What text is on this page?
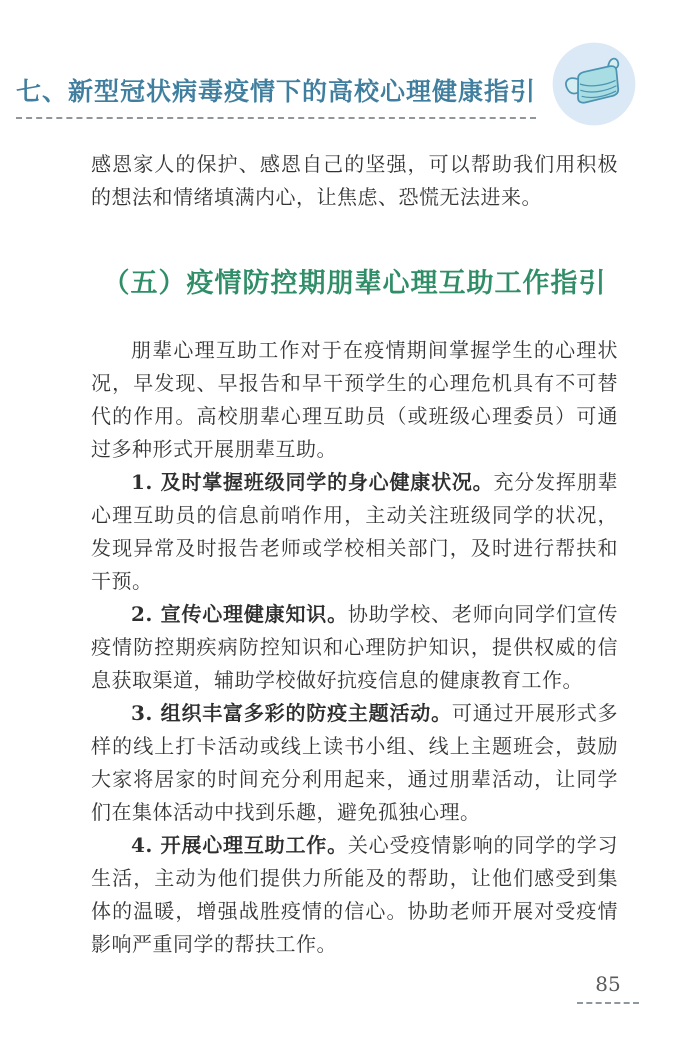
七、新型冠状病毒疫情下的高校心理健康指引

感恩家人的保护、感恩自己的坚强，可以帮助我们用积极的想法和情绪填满内心，让焦虑、恐慌无法进来。

（五）疫情防控期朋辈心理互助工作指引

朋辈心理互助工作对于在疫情期间掌握学生的心理状况，早发现、早报告和早干预学生的心理危机具有不可替代的作用。高校朋辈心理互助员（或班级心理委员）可通过多种形式开展朋辈互助。

1. 及时掌握班级同学的身心健康状况。充分发挥朋辈心理互助员的信息前哨作用，主动关注班级同学的状况，发现异常及时报告老师或学校相关部门，及时进行帮扶和干预。

2. 宣传心理健康知识。协助学校、老师向同学们宣传疫情防控期疾病防控知识和心理防护知识，提供权威的信息获取渠道，辅助学校做好抗疫信息的健康教育工作。

3. 组织丰富多彩的防疫主题活动。可通过开展形式多样的线上打卡活动或线上读书小组、线上主题班会，鼓励大家将居家的时间充分利用起来，通过朋辈活动，让同学们在集体活动中找到乐趣，避免孤独心理。

4. 开展心理互助工作。关心受疫情影响的同学的学习生活，主动为他们提供力所能及的帮助，让他们感受到集体的温暖，增强战胜疫情的信心。协助老师开展对受疫情影响严重同学的帮扶工作。

85
